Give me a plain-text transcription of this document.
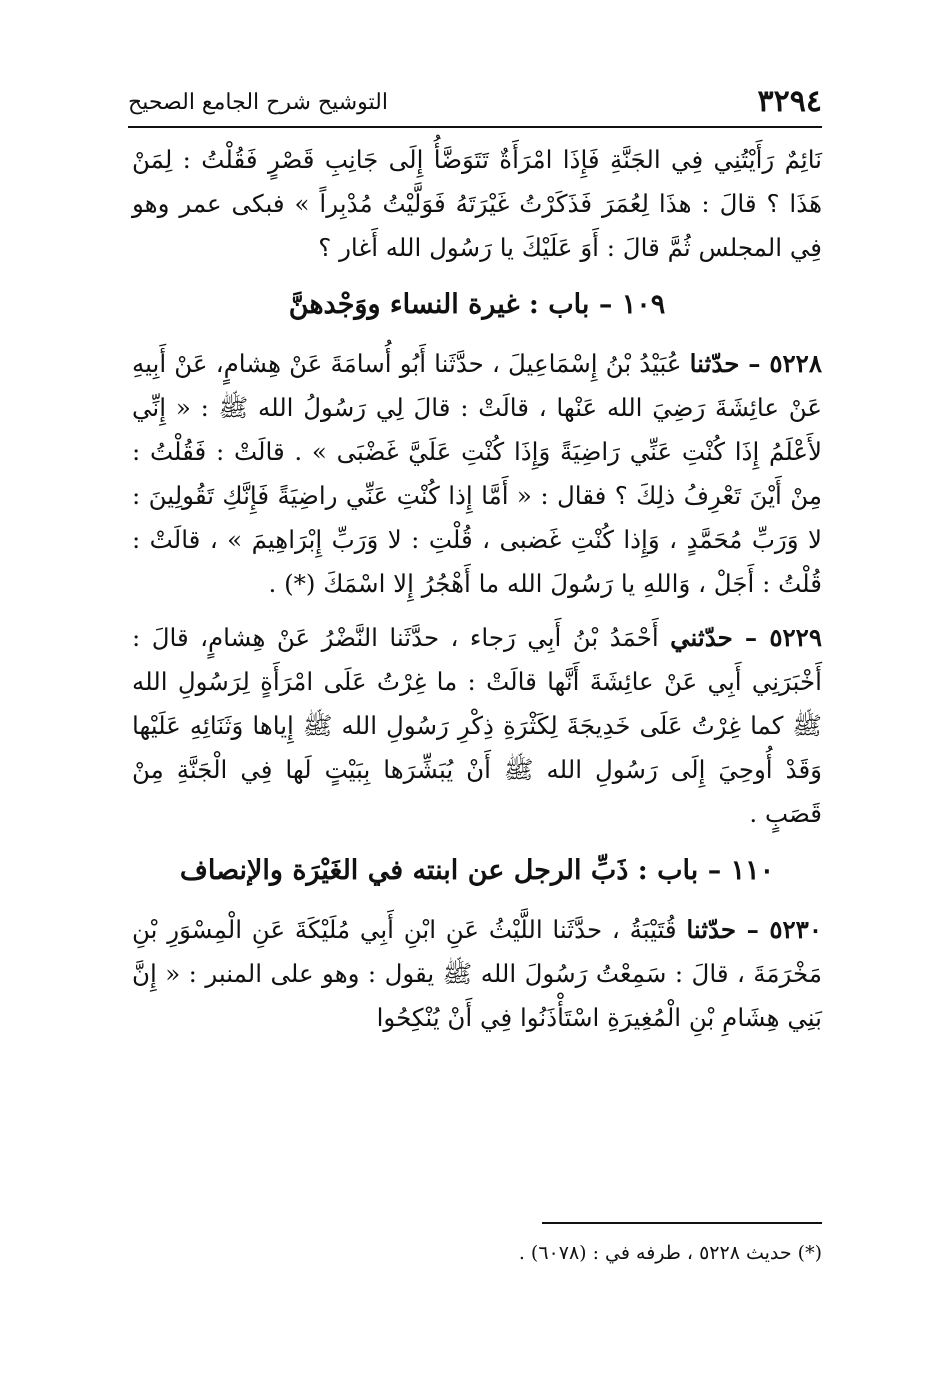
٣٢٩٤
التوشيح شرح الجامع الصحيح

نَائِمٌ رَأَيْتُنِي فِي الجَنَّةِ فَإِذَا امْرَأَةٌ تَتَوَضَّأُ إِلَى جَانِبِ قَصْرٍ فَقُلْتُ : لِمَنْ هَذَا ؟ قالَ : هذَا لِعُمَرَ فَذَكَرْتُ غَيْرَتَهُ فَوَلَّيْتُ مُدْبِراً » فبكى عمر وهو فِي المجلس ثُمَّ قالَ : أَوَ عَلَيْكَ يا رَسُول الله أَغار ؟

١٠٩ – باب : غيرة النساء ووَجْدهنَّ

٥٢٢٨ – حدّثنا عُبَيْدُ بْنُ إِسْمَاعِيلَ ، حدَّثَنا أَبُو أُسامَةَ عَنْ هِشامٍ، عَنْ أَبِيهِ عَنْ عائِشَةَ رَضِيَ الله عَنْها ، قالَتْ : قالَ لِي رَسُولُ الله ﷺ : « إِنِّي لأَعْلَمُ إِذَا كُنْتِ عَنِّي رَاضِيَةً وَإِذَا كُنْتِ عَلَيَّ غَضْبَى » . قالَتْ : فَقُلْتُ : مِنْ أَيْنَ تَعْرِفُ ذلِكَ ؟ فقال : « أَمَّا إِذا كُنْتِ عَنِّي راضِيَةً فَإِنَّكِ تَقُولِينَ : لا وَرَبِّ مُحَمَّدٍ ، وَإِذا كُنْتِ غَضبى ، قُلْتِ : لا وَرَبِّ إِبْرَاهِيمَ » ، قالَتْ : قُلْتُ : أَجَلْ ، وَاللهِ يا رَسُولَ الله ما أَهْجُرُ إِلا اسْمَكَ (*) .

٥٢٢٩ – حدّثني أَحْمَدُ بْنُ أَبِي رَجاء ، حدَّثَنا النَّضْرُ عَنْ هِشامٍ، قالَ : أَخْبَرَنِي أَبِي عَنْ عائِشَةَ أَنَّها قالَتْ : ما غِرْتُ عَلَى امْرَأَةٍ لِرَسُولِ الله ﷺ كما غِرْتُ عَلَى خَدِيجَةَ لِكَثْرَةِ ذِكْرِ رَسُولِ الله ﷺ إِياها وَثَنَائِهِ عَلَيْها وَقَدْ أُوحِيَ إِلَى رَسُولِ الله ﷺ أَنْ يُبَشِّرَها بِبَيْتٍ لَها فِي الْجَنَّةِ مِنْ قَصَبٍ .

١١٠ – باب : ذَبِّ الرجل عن ابنته في الغَيْرَة والإنصاف

٥٢٣٠ – حدّثنا قُتَيْبَةُ ، حدَّثَنا اللَّيْثُ عَنِ ابْنِ أَبِي مُلَيْكَةَ عَنِ الْمِسْوَرِ بْنِ مَخْرَمَةَ ، قالَ : سَمِعْتُ رَسُولَ الله ﷺ يقول : وهو على المنبر : « إِنَّ بَنِي هِشَامِ بْنِ الْمُغِيرَةِ اسْتَأْذَنُوا فِي أَنْ يُنْكِحُوا

(*) حديث ٥٢٢٨ ، طرفه في : (٦٠٧٨) .
